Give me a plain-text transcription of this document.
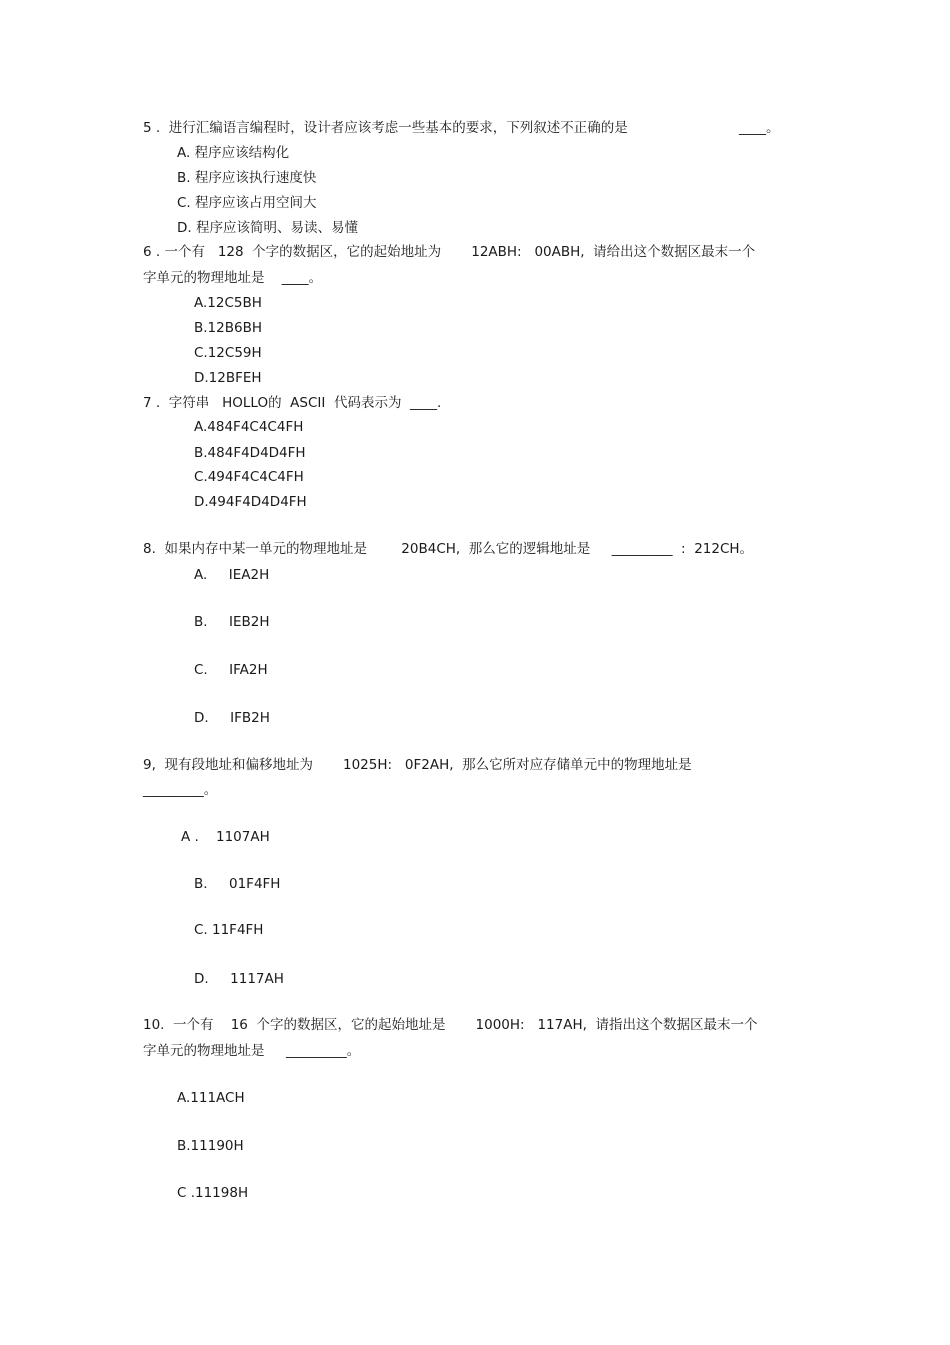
5 .  进行汇编语言编程时，设计者应该考虑一些基本的要求，下列叙述不正确的是	____。
A. 程序应该结构化
B. 程序应该执行速度快
C. 程序应该占用空间大
D. 程序应该简明、易读、易懂
6 . 一个有   128  个字的数据区，它的起始地址为       12ABH:   00ABH,  请给出这个数据区最末一个
字单元的物理地址是    ____。
A.12C5BH
B.12B6BH
C.12C59H
D.12BFEH
7 .  字符串   HOLLO的  ASCII  代码表示为  ____.
A.484F4C4C4FH
B.484F4D4D4FH
C.494F4C4C4FH
D.494F4D4D4FH
8.  如果内存中某一单元的物理地址是        20B4CH,  那么它的逻辑地址是     _________  :  212CH。
A.     IEA2H
B.     IEB2H
C.     IFA2H
D.     IFB2H
9,  现有段地址和偏移地址为       1025H:   0F2AH,  那么它所对应存储单元中的物理地址是
_________。
A .    1107AH
B.     01F4FH
C. 11F4FH
D.     1117AH
10.  一个有    16  个字的数据区，它的起始地址是       1000H:   117AH,  请指出这个数据区最末一个
字单元的物理地址是     _________。
A.111ACH
B.11190H
C .11198H
